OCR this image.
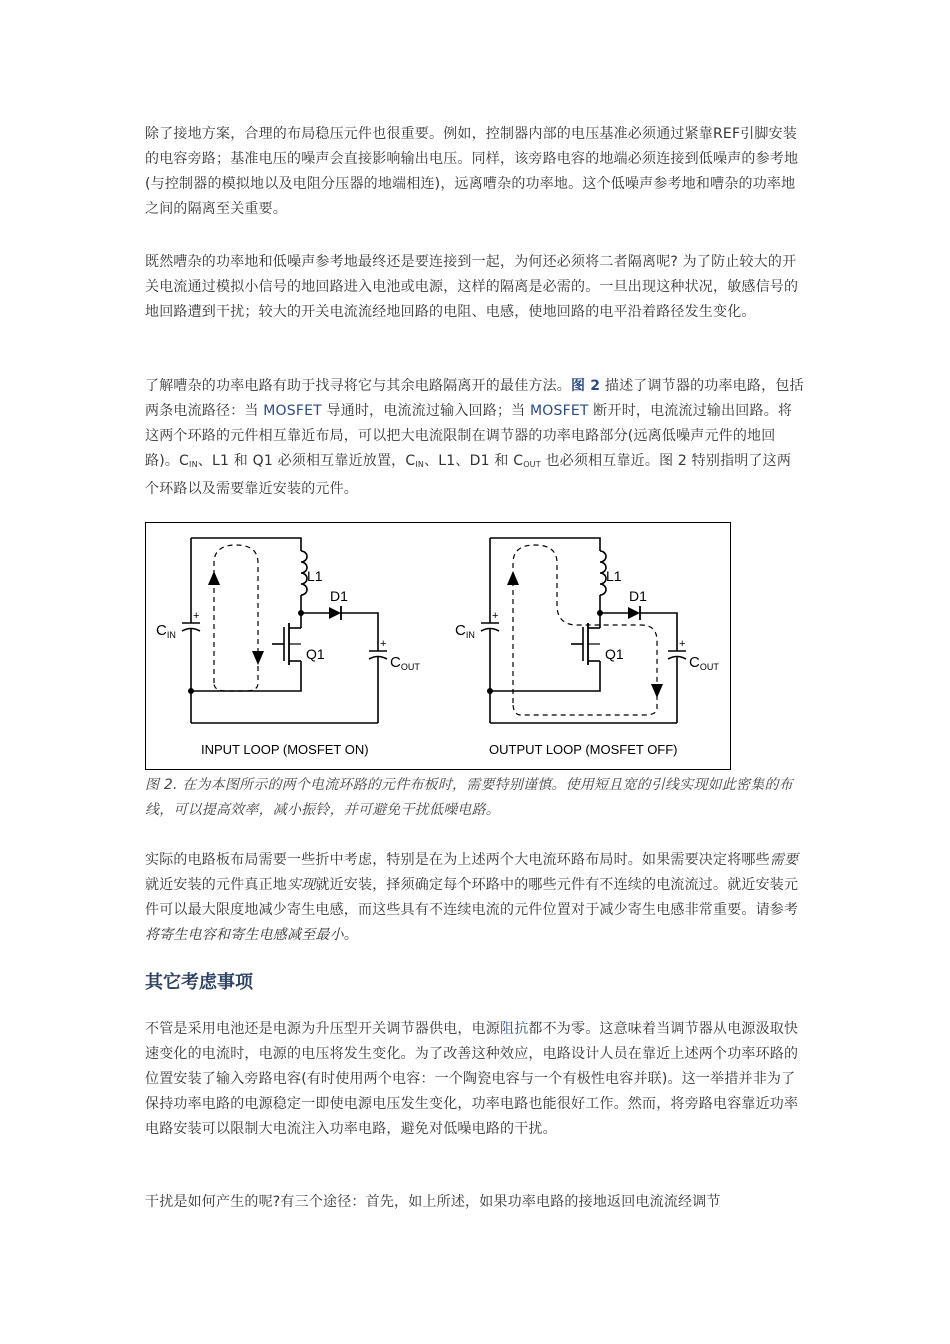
除了接地方案，合理的布局稳压元件也很重要。例如，控制器内部的电压基准必须通过紧靠REF引脚安装的电容旁路；基准电压的噪声会直接影响输出电压。同样，该旁路电容的地端必须连接到低噪声的参考地(与控制器的模拟地以及电阻分压器的地端相连)，远离嘈杂的功率地。这个低噪声参考地和嘈杂的功率地之间的隔离至关重要。

既然嘈杂的功率地和低噪声参考地最终还是要连接到一起，为何还必须将二者隔离呢? 为了防止较大的开关电流通过模拟小信号的地回路进入电池或电源，这样的隔离是必需的。一旦出现这种状况，敏感信号的地回路遭到干扰；较大的开关电流流经地回路的电阻、电感，使地回路的电平沿着路径发生变化。

了解嘈杂的功率电路有助于找寻将它与其余电路隔离开的最佳方法。图 2 描述了调节器的功率电路，包括两条电流路径：当 MOSFET 导通时，电流流过输入回路；当 MOSFET 断开时，电流流过输出回路。将这两个环路的元件相互靠近布局，可以把大电流限制在调节器的功率电路部分(远离低噪声元件的地回路)。$C_{IN}$、L1 和 Q1 必须相互靠近放置，$C_{IN}$、L1、D1 和 $C_{OUT}$ 也必须相互靠近。图 2 特别指明了这两个环路以及需要靠近安装的元件。

图 2. 在为本图所示的两个电流环路的元件布板时，需要特别谨慎。使用短且宽的引线实现如此密集的布线，可以提高效率，减小振铃，并可避免干扰低噪电路。

实际的电路板布局需要一些折中考虑，特别是在为上述两个大电流环路布局时。如果需要决定将哪些需要就近安装的元件真正地实现就近安装，择须确定每个环路中的哪些元件有不连续的电流流过。就近安装元件可以最大限度地减少寄生电感，而这些具有不连续电流的元件位置对于减少寄生电感非常重要。请参考将寄生电容和寄生电感减至最小。

其它考虑事项

不管是采用电池还是电源为升压型开关调节器供电，电源阻抗都不为零。这意味着当调节器从电源汲取快速变化的电流时，电源的电压将发生变化。为了改善这种效应，电路设计人员在靠近上述两个功率环路的位置安装了输入旁路电容(有时使用两个电容：一个陶瓷电容与一个有极性电容并联)。这一举措并非为了保持功率电路的电源稳定一即使电源电压发生变化，功率电路也能很好工作。然而，将旁路电容靠近功率电路安装可以限制大电流注入功率电路，避免对低噪电路的干扰。

干扰是如何产生的呢?有三个途径：首先，如上所述，如果功率电路的接地返回电流流经调节

L1
D1
Q1
+
+
$C_{IN}$
$C_{OUT}$
INPUT LOOP (MOSFET ON)
L1
D1
Q1
+
+
$C_{IN}$
$C_{OUT}$
OUTPUT LOOP (MOSFET OFF)
